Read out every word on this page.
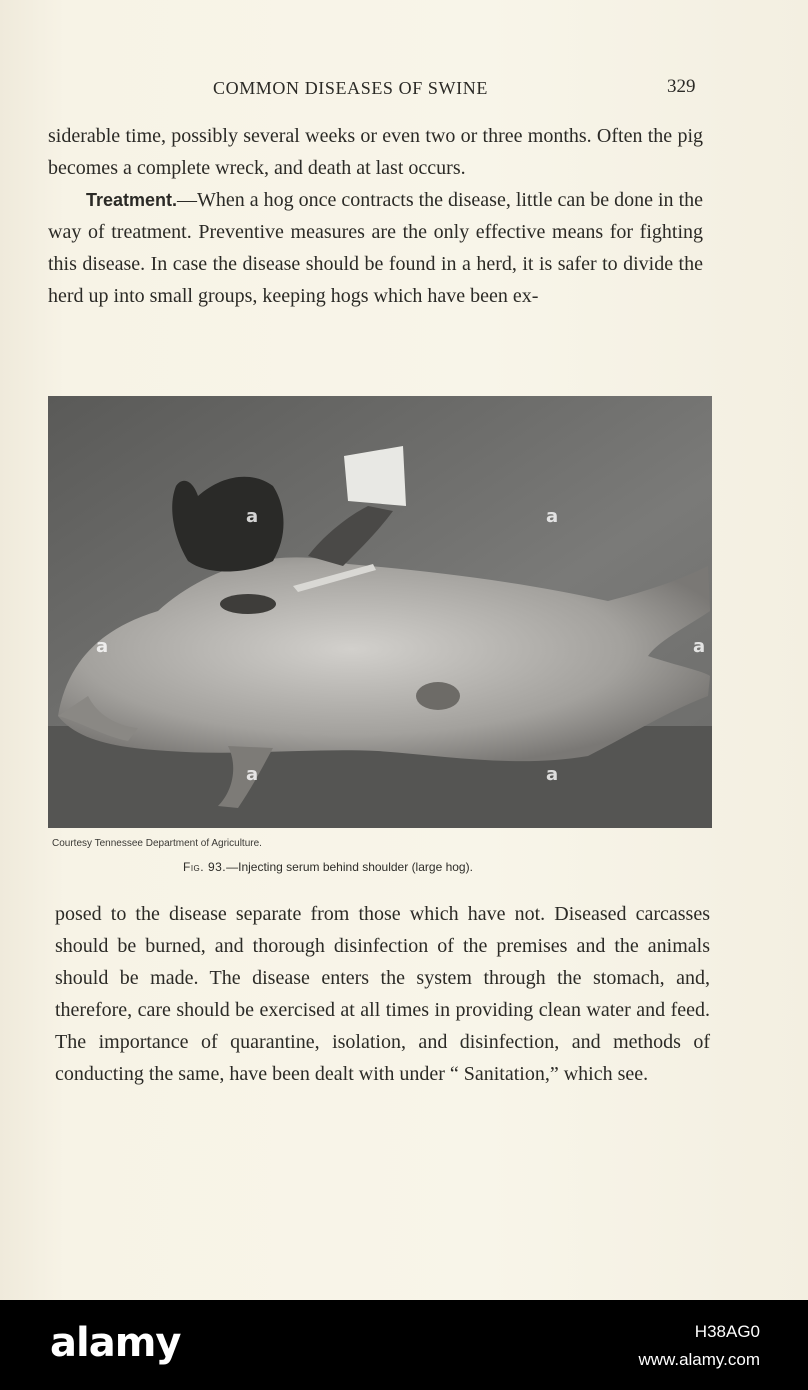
COMMON DISEASES OF SWINE	329

siderable time, possibly several weeks or even two or three months. Often the pig becomes a complete wreck, and death at last occurs.

Treatment.—When a hog once contracts the disease, little can be done in the way of treatment. Preventive measures are the only effective means for fighting this disease. In case the disease should be found in a herd, it is safer to divide the herd up into small groups, keeping hogs which have been ex-

a
a
a
a	a
a
Courtesy Tennessee Department of Agriculture.
Fig. 93.—Injecting serum behind shoulder (large hog).

posed to the disease separate from those which have not. Diseased carcasses should be burned, and thorough disinfection of the premises and the animals should be made. The disease enters the system through the stomach, and, therefore, care should be exercised at all times in providing clean water and feed. The importance of quarantine, isolation, and disinfection, and methods of conducting the same, have been dealt with under “ Sanitation,” which see.

alamy	H38AG0
www.alamy.com
